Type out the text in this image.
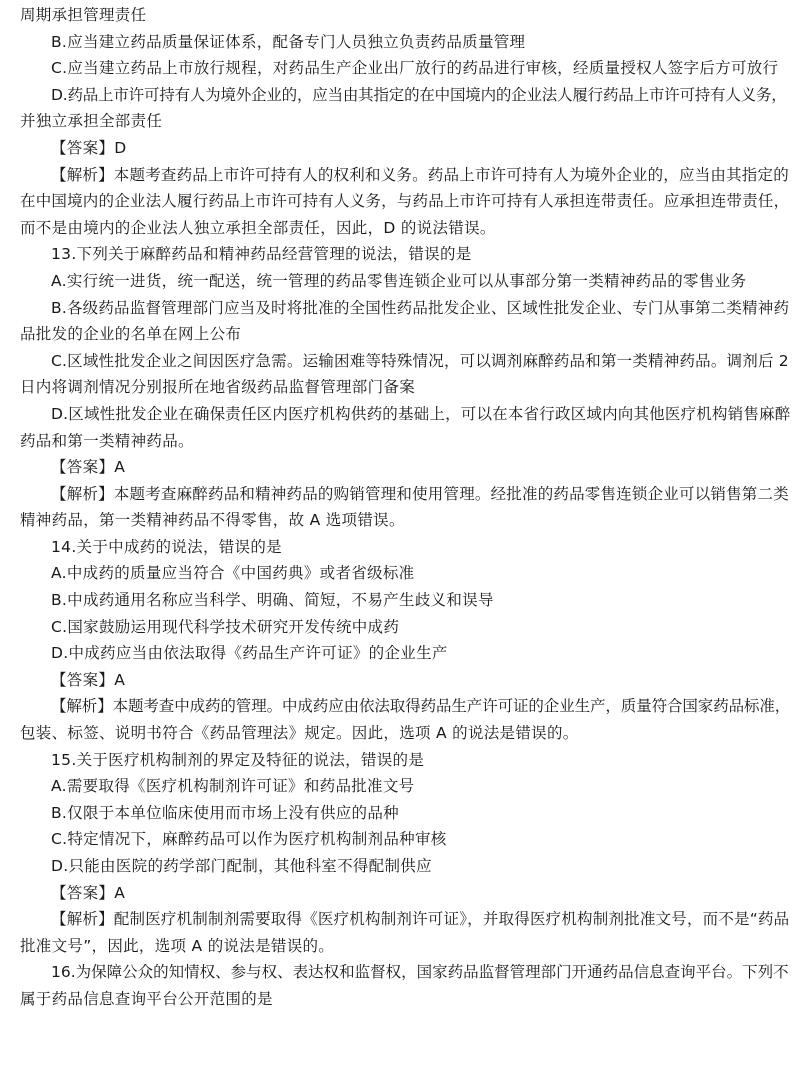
周期承担管理责任
B.应当建立药品质量保证体系，配备专门人员独立负责药品质量管理
C.应当建立药品上市放行规程，对药品生产企业出厂放行的药品进行审核，经质量授权人签字后方可放行
D.药品上市许可持有人为境外企业的，应当由其指定的在中国境内的企业法人履行药品上市许可持有人义务，
并独立承担全部责任
【答案】D
【解析】本题考查药品上市许可持有人的权利和义务。药品上市许可持有人为境外企业的，应当由其指定的
在中国境内的企业法人履行药品上市许可持有人义务，与药品上市许可持有人承担连带责任。应承担连带责任，
而不是由境内的企业法人独立承担全部责任，因此，D 的说法错误。
13.下列关于麻醉药品和精神药品经营管理的说法，错误的是
A.实行统一进货，统一配送，统一管理的药品零售连锁企业可以从事部分第一类精神药品的零售业务
B.各级药品监督管理部门应当及时将批准的全国性药品批发企业、区域性批发企业、专门从事第二类精神药
品批发的企业的名单在网上公布
C.区域性批发企业之间因医疗急需。运输困难等特殊情况，可以调剂麻醉药品和第一类精神药品。调剂后 2
日内将调剂情况分别报所在地省级药品监督管理部门备案
D.区域性批发企业在确保责任区内医疗机构供药的基础上，可以在本省行政区域内向其他医疗机构销售麻醉
药品和第一类精神药品。
【答案】A
【解析】本题考查麻醉药品和精神药品的购销管理和使用管理。经批准的药品零售连锁企业可以销售第二类
精神药品，第一类精神药品不得零售，故 A 选项错误。
14.关于中成药的说法，错误的是
A.中成药的质量应当符合《中国药典》或者省级标准
B.中成药通用名称应当科学、明确、简短，不易产生歧义和误导
C.国家鼓励运用现代科学技术研究开发传统中成药
D.中成药应当由依法取得《药品生产许可证》的企业生产
【答案】A
【解析】本题考查中成药的管理。中成药应由依法取得药品生产许可证的企业生产，质量符合国家药品标准，
包装、标签、说明书符合《药品管理法》规定。因此，选项 A 的说法是错误的。
15.关于医疗机构制剂的界定及特征的说法，错误的是
A.需要取得《医疗机构制剂许可证》和药品批准文号
B.仅限于本单位临床使用而市场上没有供应的品种
C.特定情况下，麻醉药品可以作为医疗机构制剂品种审核
D.只能由医院的药学部门配制，其他科室不得配制供应
【答案】A
【解析】配制医疗机制制剂需要取得《医疗机构制剂许可证》，并取得医疗机构制剂批准文号，而不是“药品
批准文号”，因此，选项 A 的说法是错误的。
16.为保障公众的知情权、参与权、表达权和监督权，国家药品监督管理部门开通药品信息查询平台。下列不
属于药品信息查询平台公开范围的是
